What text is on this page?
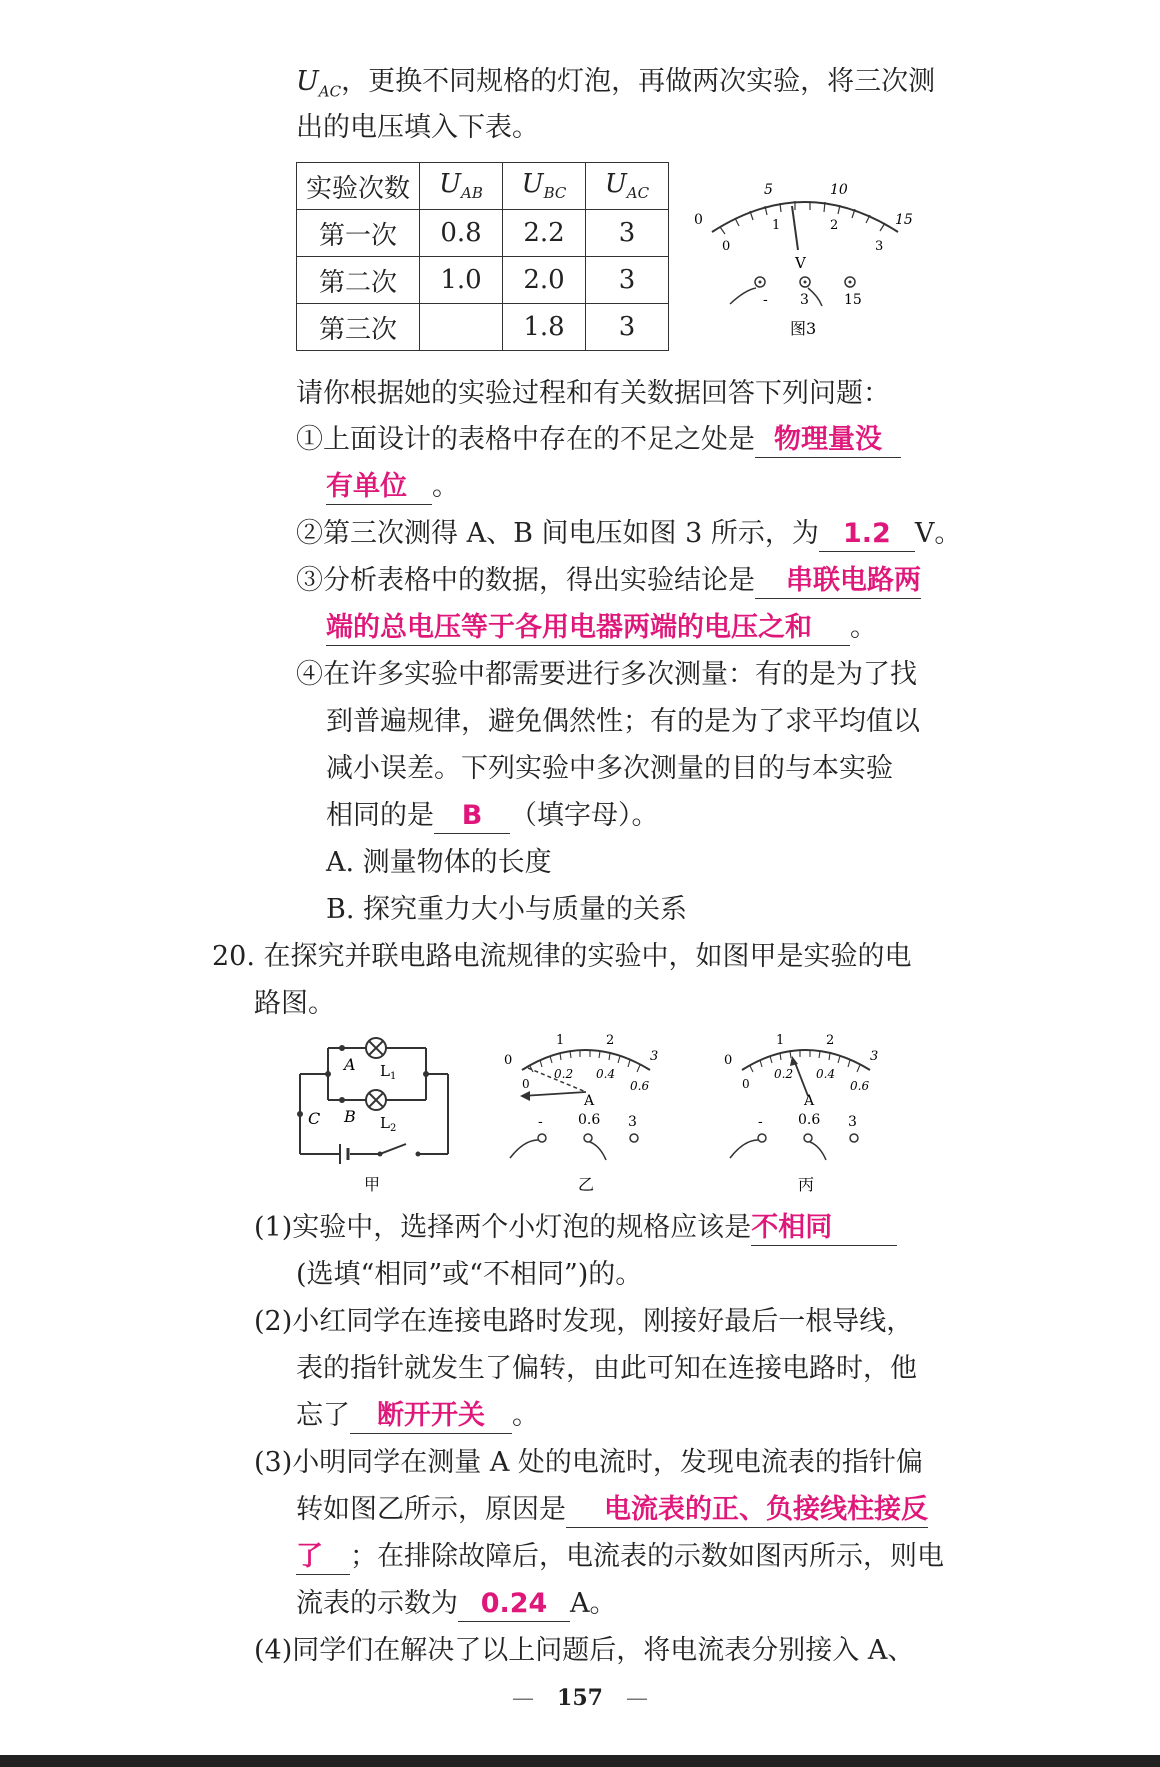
$U_{AC}$，更换不同规格的灯泡，再做两次实验，将三次测
出的电压填入下表。
实验次数	$U_{AB}$	$U_{BC}$	$U_{AC}$
第一次	0.8	2.2	3
第二次	1.0	2.0	3
第三次		1.8	3
0
5	10
15
0
1	2
3
V
- 3	15
图3
请你根据她的实验过程和有关数据回答下列问题：
①上面设计的表格中存在的不足之处是 物理量没
有单位 。
②第三次测得 A、B 间电压如图 3 所示，为 1.2 V。
③分析表格中的数据，得出实验结论是 串联电路两
端的总电压等于各用电器两端的电压之和 。
④在许多实验中都需要进行多次测量：有的是为了找
到普遍规律，避免偶然性；有的是为了求平均值以
减小误差。下列实验中多次测量的目的与本实验
相同的是 B （填字母）。
A. 测量物体的长度
B. 探究重力大小与质量的关系
20. 在探究并联电路电流规律的实验中，如图甲是实验的电
路图。
A
B
C
$L_1$
$L_2$
甲
0
1	2
3
0
0.2 0.4
0.6
A
-	0.6 3
乙
0
1	2
3
0
0.2 0.4
0.6
A
-	0.6 3
丙
(1)实验中，选择两个小灯泡的规格应该是不相同
(选填“相同”或“不相同”)的。
(2)小红同学在连接电路时发现，刚接好最后一根导线，
表的指针就发生了偏转，由此可知在连接电路时，他
忘了 断开开关 。
(3)小明同学在测量 A 处的电流时，发现电流表的指针偏
转如图乙所示，原因是 电流表的正、负接线柱接反
了 ；在排除故障后，电流表的示数如图丙所示，则电
流表的示数为 0.24 A。
(4)同学们在解决了以上问题后，将电流表分别接入 A、
— 157 —
